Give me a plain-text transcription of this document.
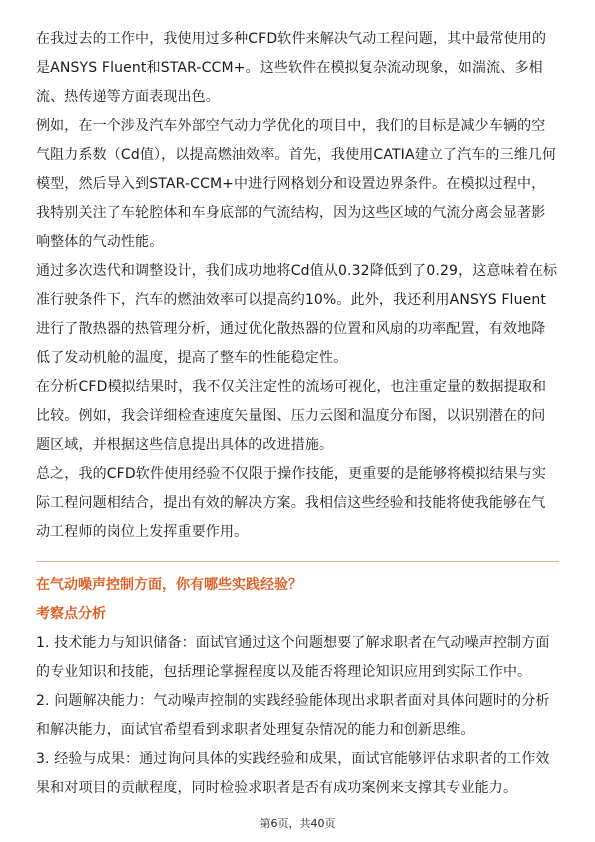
在我过去的工作中，我使用过多种CFD软件来解决气动工程问题，其中最常使用的是ANSYS Fluent和STAR-CCM+。这些软件在模拟复杂流动现象，如湍流、多相流、热传递等方面表现出色。

例如，在一个涉及汽车外部空气动力学优化的项目中，我们的目标是减少车辆的空气阻力系数（Cd值），以提高燃油效率。首先，我使用CATIA建立了汽车的三维几何模型，然后导入到STAR-CCM+中进行网格划分和设置边界条件。在模拟过程中，我特别关注了车轮腔体和车身底部的气流结构，因为这些区域的气流分离会显著影响整体的气动性能。

通过多次迭代和调整设计，我们成功地将Cd值从0.32降低到了0.29，这意味着在标准行驶条件下，汽车的燃油效率可以提高约10%。此外，我还利用ANSYS Fluent进行了散热器的热管理分析，通过优化散热器的位置和风扇的功率配置，有效地降低了发动机舱的温度，提高了整车的性能稳定性。

在分析CFD模拟结果时，我不仅关注定性的流场可视化，也注重定量的数据提取和比较。例如，我会详细检查速度矢量图、压力云图和温度分布图，以识别潜在的问题区域，并根据这些信息提出具体的改进措施。

总之，我的CFD软件使用经验不仅限于操作技能，更重要的是能够将模拟结果与实际工程问题相结合，提出有效的解决方案。我相信这些经验和技能将使我能够在气动工程师的岗位上发挥重要作用。

在气动噪声控制方面，你有哪些实践经验？

考察点分析

1. 技术能力与知识储备：面试官通过这个问题想要了解求职者在气动噪声控制方面的专业知识和技能，包括理论掌握程度以及能否将理论知识应用到实际工作中。

2. 问题解决能力：气动噪声控制的实践经验能体现出求职者面对具体问题时的分析和解决能力，面试官希望看到求职者处理复杂情况的能力和创新思维。

3. 经验与成果：通过询问具体的实践经验和成果，面试官能够评估求职者的工作效果和对项目的贡献程度，同时检验求职者是否有成功案例来支撑其专业能力。

第6页，共40页
